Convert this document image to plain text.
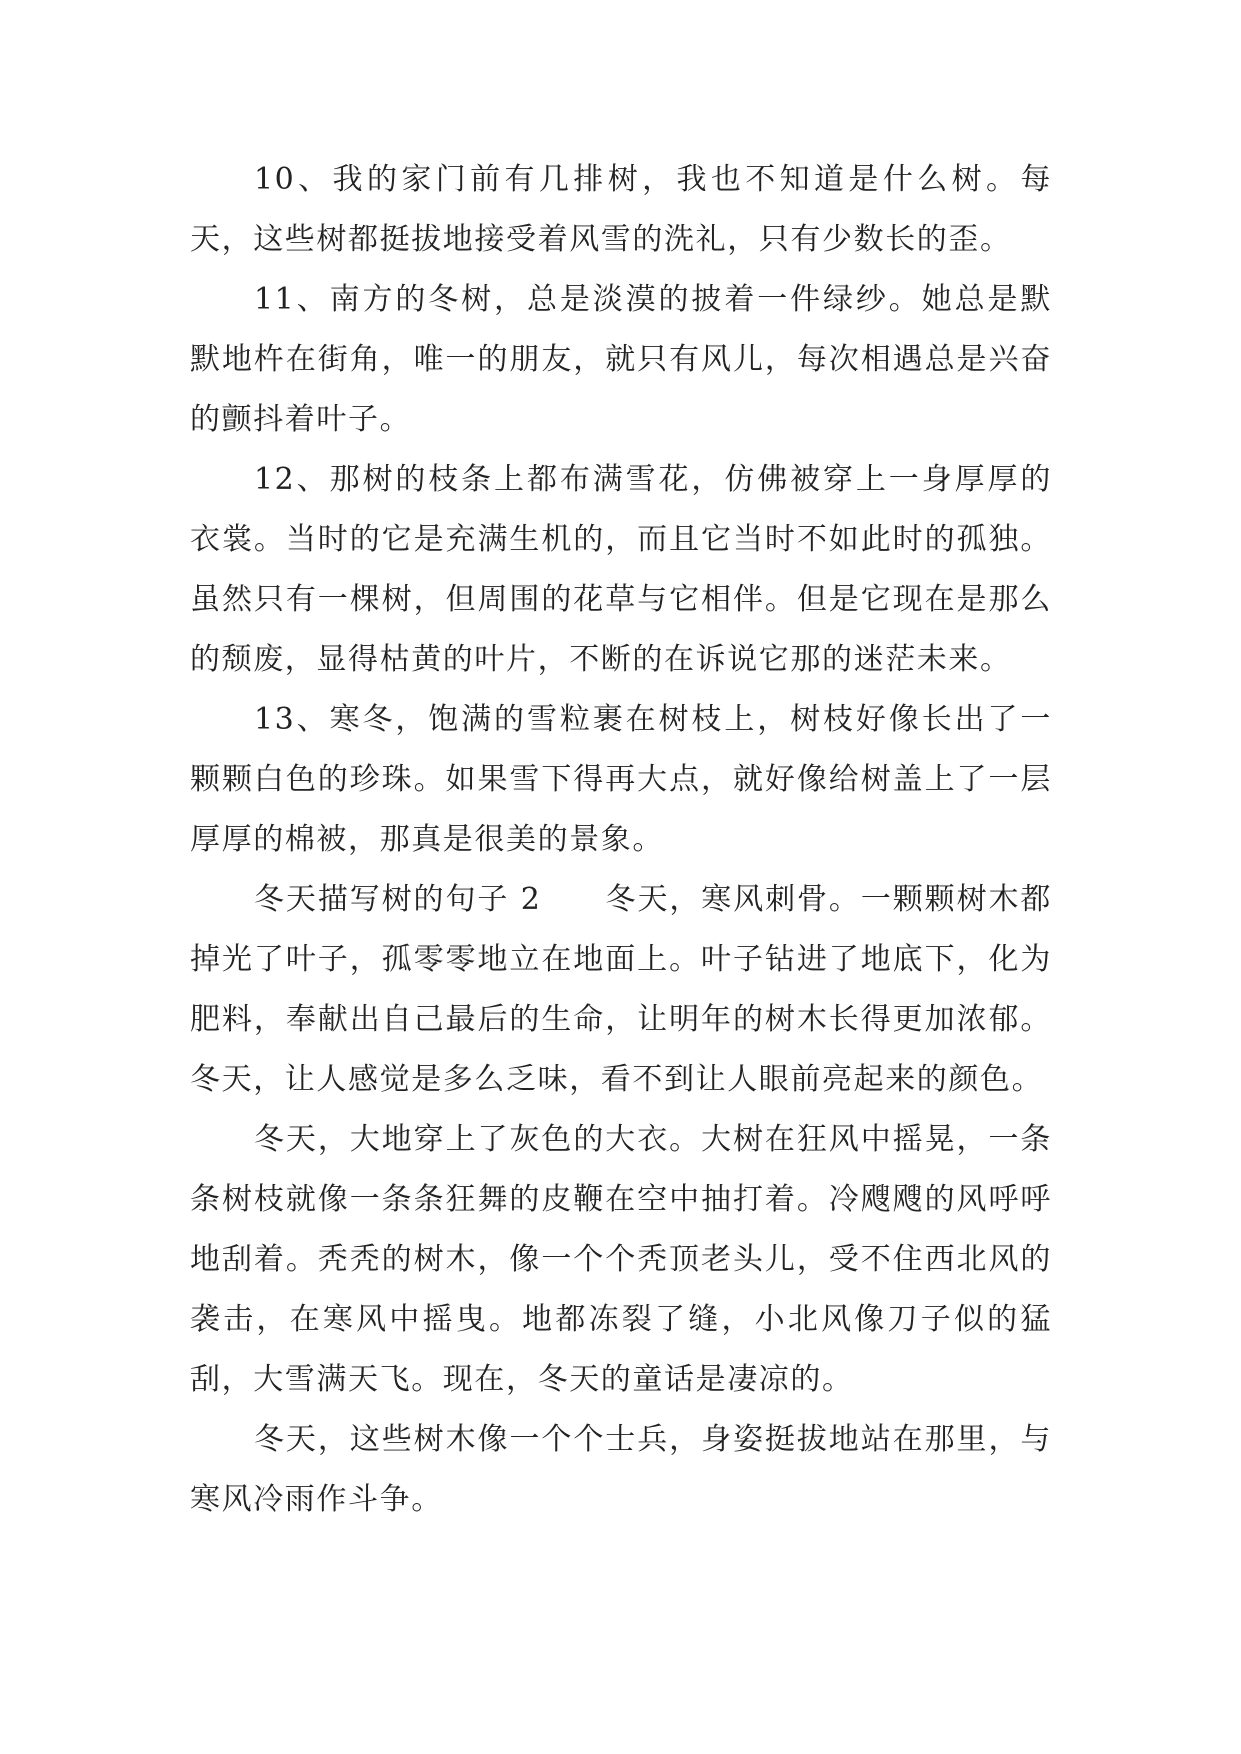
10、我的家门前有几排树，我也不知道是什么树。每天，这些树都挺拔地接受着风雪的洗礼，只有少数长的歪。

11、南方的冬树，总是淡漠的披着一件绿纱。她总是默默地杵在街角，唯一的朋友，就只有风儿，每次相遇总是兴奋的颤抖着叶子。

12、那树的枝条上都布满雪花，仿佛被穿上一身厚厚的衣裳。当时的它是充满生机的，而且它当时不如此时的孤独。虽然只有一棵树，但周围的花草与它相伴。但是它现在是那么的颓废，显得枯黄的叶片，不断的在诉说它那的迷茫未来。

13、寒冬，饱满的雪粒裹在树枝上，树枝好像长出了一颗颗白色的珍珠。如果雪下得再大点，就好像给树盖上了一层厚厚的棉被，那真是很美的景象。

冬天描写树的句子 2　　冬天，寒风刺骨。一颗颗树木都掉光了叶子，孤零零地立在地面上。叶子钻进了地底下，化为肥料，奉献出自己最后的生命，让明年的树木长得更加浓郁。冬天，让人感觉是多么乏味，看不到让人眼前亮起来的颜色。

冬天，大地穿上了灰色的大衣。大树在狂风中摇晃，一条条树枝就像一条条狂舞的皮鞭在空中抽打着。冷飕飕的风呼呼地刮着。秃秃的树木，像一个个秃顶老头儿，受不住西北风的袭击，在寒风中摇曳。地都冻裂了缝，小北风像刀子似的猛刮，大雪满天飞。现在，冬天的童话是凄凉的。

冬天，这些树木像一个个士兵，身姿挺拔地站在那里，与寒风冷雨作斗争。
